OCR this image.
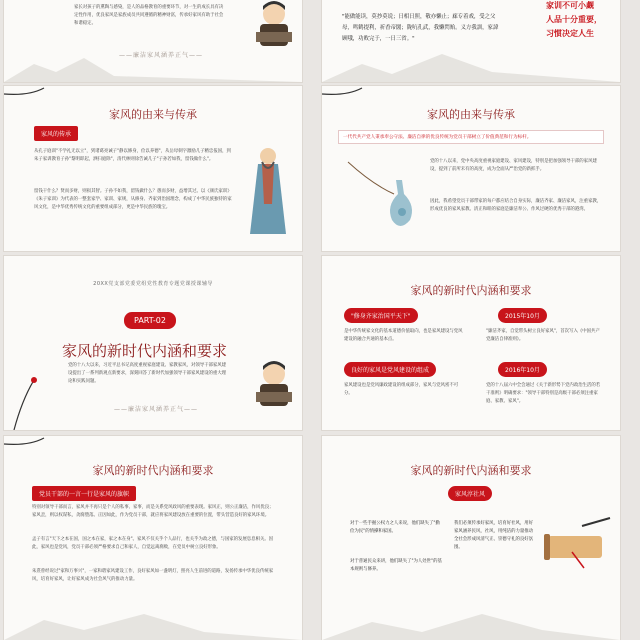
家长对孩子的熏陶与感染，是人的品格教育的重要环节，对一生的成长具有决定性作用，优良家风是家族成员共同遵循的精神财富，传承好家风有助于社会和谐稳定。
——廉洁家风涵养正气——
"能做能读，莫抄莫说；日相日照，敬亦懒止；廊专着戏，受之父母，鸣鹤提利，祈香帝閣；陇吭孔武，我懒閃贻。义方我訓，家諱顾哦，功败完于，一日三省。"
家训不可小觑
人品十分重要，
习惯决定人生
家风的由来与传承
家风的传承
从孔子庭训"不学礼无以立"，到诸葛亮诫子"静以修身，俭以养德"，从岳母刺字激励儿子精忠报国，到朱子家训教育子孙"黎明即起，洒扫庭除"，清代林则徐告诫儿子"子孙若如我，留钱做什么"。
留钱干什么？贤而多财，则损其智。子孙不如我，留钱做什么？愚而多财，益增其过。以《颜氏家训》《朱子家训》为代表的一整套家学、家训、家规，从修身、齐家到治国理念，构成了中华民族独特的家风文化，是中华优秀传统文化的重要组成部分，更是中华民族的瑰宝。
家风的由来与传承
一代代共产党人秉承奉公守法、廉洁自律的优良传统为党员干部树立了价值典范和行为标杆。
党的十八以来，党中央高度重视家庭建设、家风建设，特别是把加强领导干部的家风建设，提到了前所未有的高度，成为全面从严治党的新抓手。
因此，我希望党员干部带家的每户都应结合自身实际，廉洁齐家、廉洁家风，注重家教，形成优良的家风家教。清正和睦的家庭是廉洁奉公、作风过硬的优秀干部的港湾。
20XX党支部党委党组党性教育专题党课授课辅导
PART-02
家风的新时代内涵和要求
党的十八大以来，习近平总书记高度重视家庭建设、家教家风，对领导干部家风建设提出了一系列新观点新要求，深刻回答了新时代加强领导干部家风建设的重大理论和实践问题。
——廉洁家风涵养正气——
家风的新时代内涵和要求
"修身齐家治国平天下"	2015年10月
是中华传统家文化的基本道德价值取向，也是家风建设与党风建设的融合共通的基本点。
"廉洁齐家，自觉带头树立良好家风"，首次写入《中国共产党廉洁自律准则》。
良好的家风是党风建设的组成	2016年10月
家风建设也是党风廉政建设的组成部分，家风与党风密不可分。
党的十八届六中全会通过《关于新形势下党内政治生活的若干准则》明确要求："领导干部特别是高级干部必须注重家庭、家教、家风"。
家风的新时代内涵和要求
党员干部的一言一行是家风的旗帜
特别对领导干部而言，家风并不再只是个人的私事、家事，而是关系党风政风的重要表现。家风正，则公正廉洁，作风优良；家风歪，则以权谋私，贪腐堕落。正因如此，作为党员干部，就应将家风建设放在重要的位置，带头营造良好的家风环境。
孟子有言"天下之本在国，国之本在家，家之本在身"。家风不仅关乎个人品行，也关乎为政之德，与国家的发展息息相关。因此，家风也是党风，党员干部必须严格要求自己和家人，自觉远离腐败，在党员中树立良好形象。
朱熹曾经说过"家和万事兴"，一家和谐家风建设工作，良好家风如一盏明灯，照亮人生前进的道路，发扬传承中华优良传统家风，培育好家风，让好家风成为社会风气的推动力量。
家风的新时代内涵和要求
家风淳社风
对于一些手握公权力之人来说，他们缺失了"勤俭为民"的情操和家国。
对于普通民众来讲，他们缺失了"为人处世"的基本规则与修养。
我们必须传承好家风，培育好社风，用好家风涵养民风，社风，用纯洁的力量推动全社会形成风清气正、崇德守礼的良好氛围。
